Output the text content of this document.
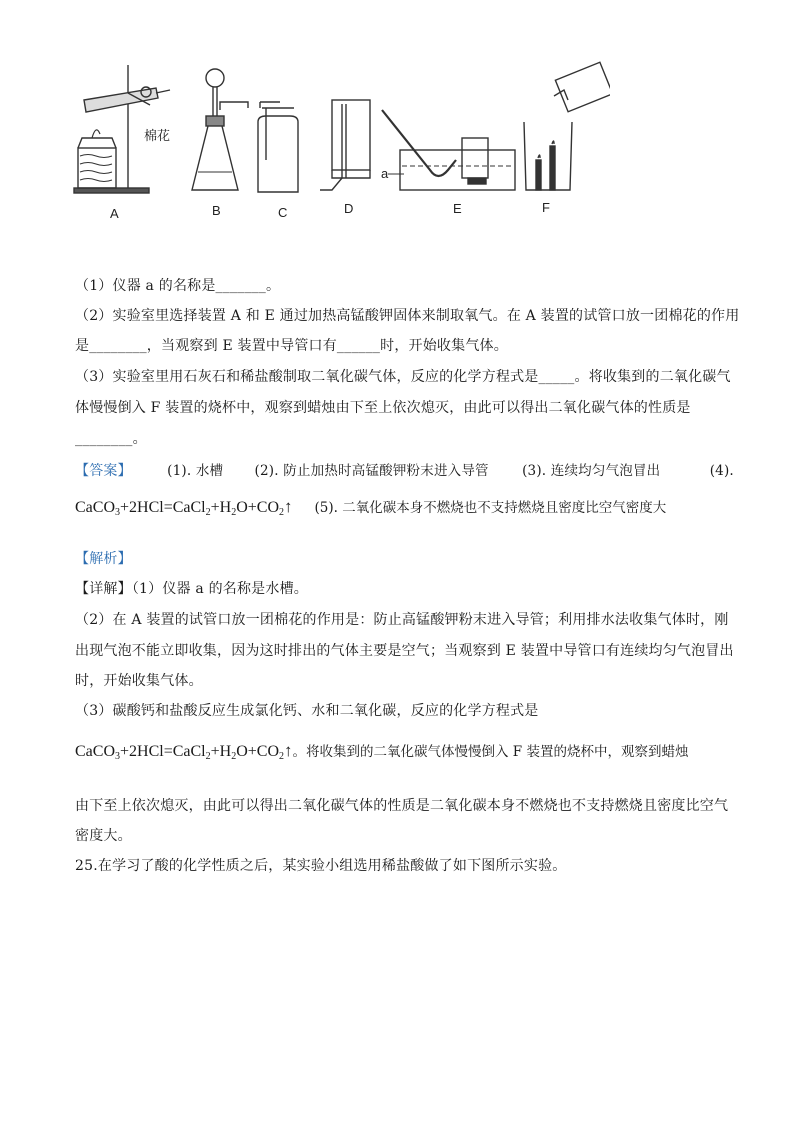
棉花
a
A	B	C	D	E	F
（1）仪器 a 的名称是_______。
（2）实验室里选择装置 A 和 E 通过加热高锰酸钾固体来制取氧气。在 A 装置的试管口放一团棉花的作用
是________，当观察到 E 装置中导管口有______时，开始收集气体。
（3）实验室里用石灰石和稀盐酸制取二氧化碳气体，反应的化学方程式是_____。将收集到的二氧化碳气
体慢慢倒入 F 装置的烧杯中，观察到蜡烛由下至上依次熄灭，由此可以得出二氧化碳气体的性质是
________。
【答案】	(1). 水槽 (2). 防止加热时高锰酸钾粉末进入导管 (3). 连续均匀气泡冒出	(4).
$CaCO_3+2HCl=CaCl_2+H_2O+CO_2↑$ (5). 二氧化碳本身不燃烧也不支持燃烧且密度比空气密度大
【解析】
【详解】（1）仪器 a 的名称是水槽。
（2）在 A 装置的试管口放一团棉花的作用是：防止高锰酸钾粉末进入导管；利用排水法收集气体时，刚
出现气泡不能立即收集，因为这时排出的气体主要是空气；当观察到 E 装置中导管口有连续均匀气泡冒出
时，开始收集气体。
（3）碳酸钙和盐酸反应生成氯化钙、水和二氧化碳，反应的化学方程式是
$CaCO_3+2HCl=CaCl_2+H_2O+CO_2↑$。将收集到的二氧化碳气体慢慢倒入 F 装置的烧杯中，观察到蜡烛
由下至上依次熄灭，由此可以得出二氧化碳气体的性质是二氧化碳本身不燃烧也不支持燃烧且密度比空气
密度大。
25.在学习了酸的化学性质之后，某实验小组选用稀盐酸做了如下图所示实验。
